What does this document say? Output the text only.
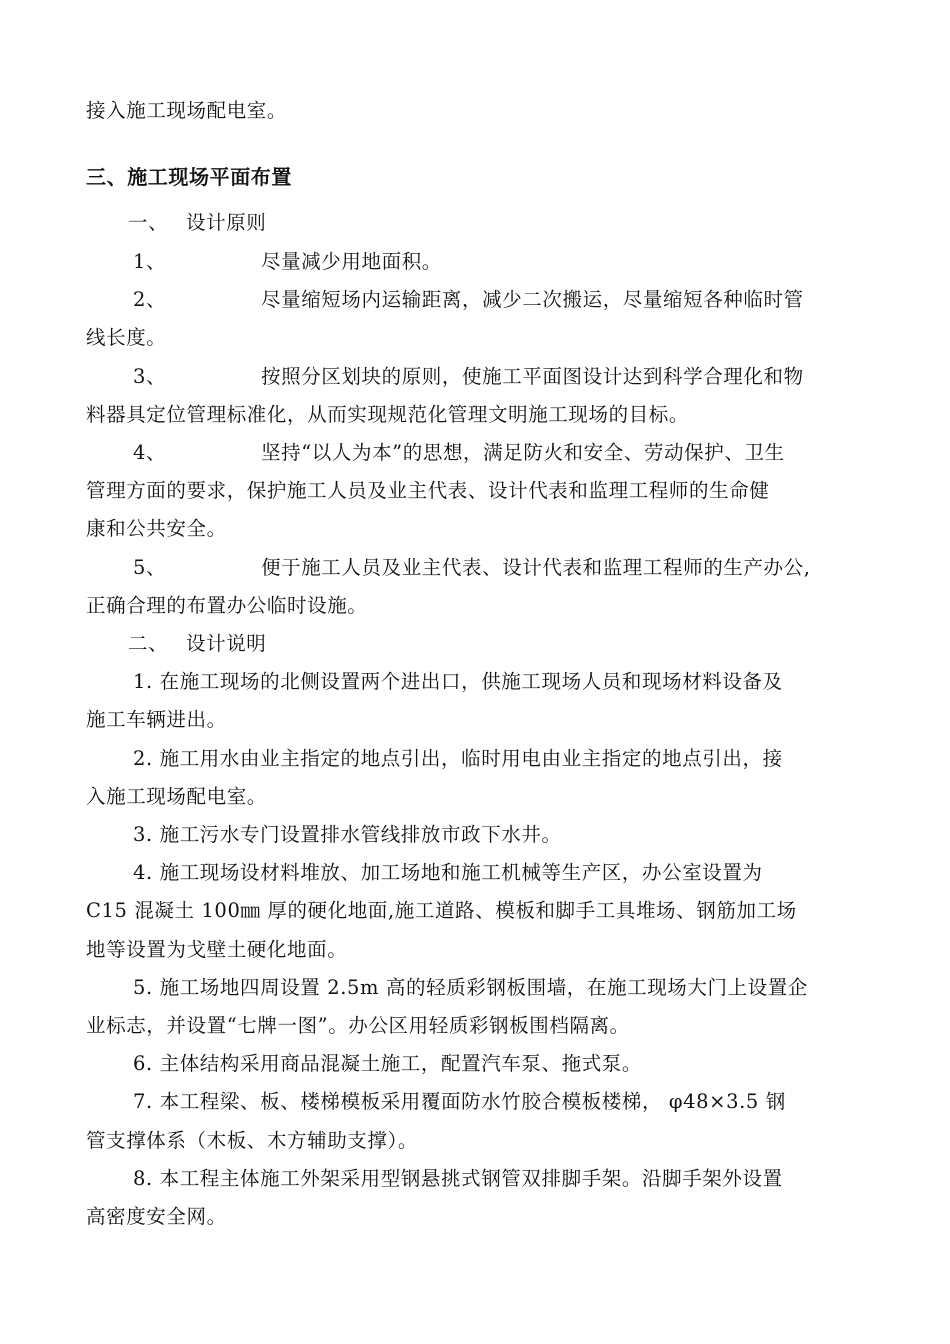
接入施工现场配电室。
三、施工现场平面布置
一、 设计原则
1、	尽量减少用地面积。
2、	尽量缩短场内运输距离，减少二次搬运，尽量缩短各种临时管
线长度。
3、	按照分区划块的原则，使施工平面图设计达到科学合理化和物
料器具定位管理标准化，从而实现规范化管理文明施工现场的目标。
4、	坚持“以人为本”的思想，满足防火和安全、劳动保护、卫生
管理方面的要求，保护施工人员及业主代表、设计代表和监理工程师的生命健
康和公共安全。
5、	便于施工人员及业主代表、设计代表和监理工程师的生产办公,
正确合理的布置办公临时设施。
二、 设计说明
1. 在施工现场的北侧设置两个进出口，供施工现场人员和现场材料设备及
施工车辆进出。
2. 施工用水由业主指定的地点引出，临时用电由业主指定的地点引出，接
入施工现场配电室。
3. 施工污水专门设置排水管线排放市政下水井。
4. 施工现场设材料堆放、加工场地和施工机械等生产区，办公室设置为
C15 混凝土 100㎜ 厚的硬化地面,施工道路、模板和脚手工具堆场、钢筋加工场
地等设置为戈壁土硬化地面。
5. 施工场地四周设置 2.5m 高的轻质彩钢板围墙，在施工现场大门上设置企
业标志，并设置“七牌一图”。办公区用轻质彩钢板围档隔离。
6. 主体结构采用商品混凝土施工，配置汽车泵、拖式泵。
7. 本工程梁、板、楼梯模板采用覆面防水竹胶合模板楼梯， φ48×3.5 钢
管支撑体系（木板、木方辅助支撑）。
8. 本工程主体施工外架采用型钢悬挑式钢管双排脚手架。沿脚手架外设置
高密度安全网。
